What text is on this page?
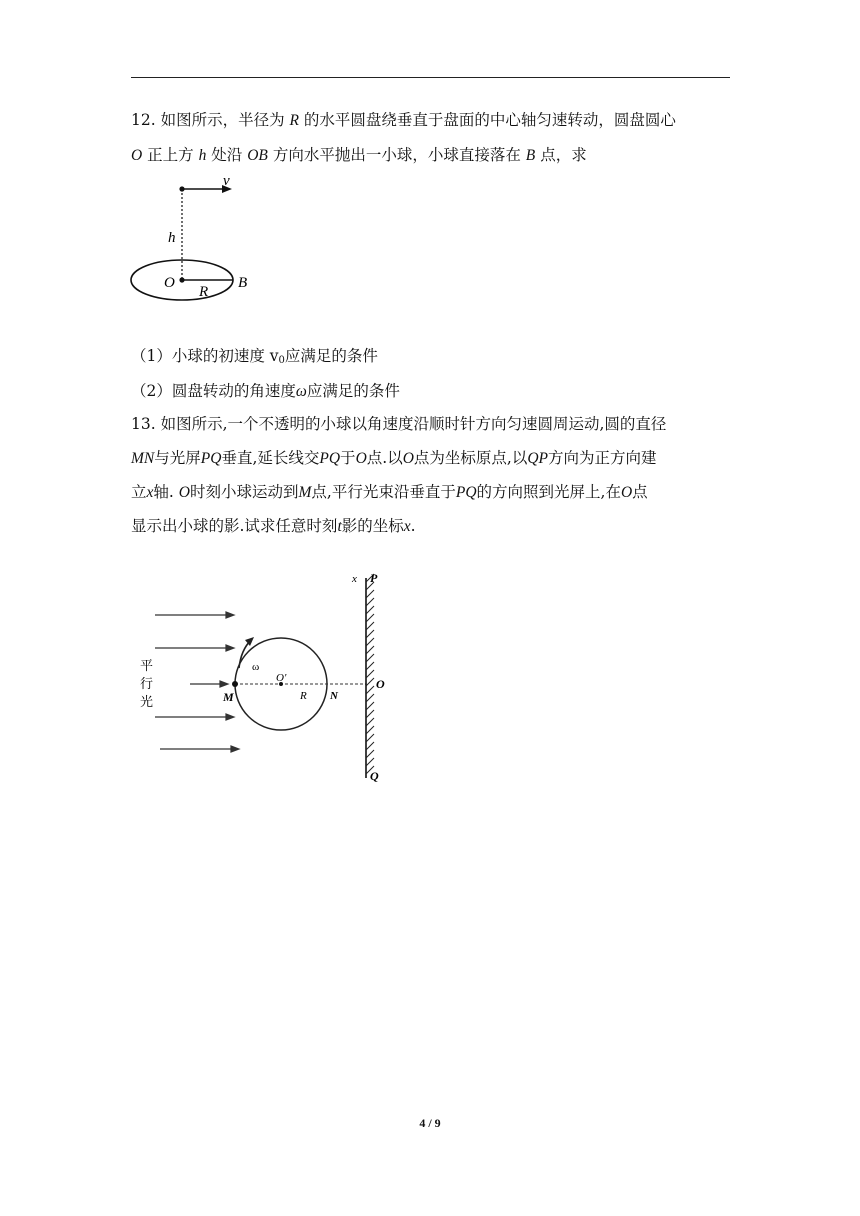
12. 如图所示，半径为 R 的水平圆盘绕垂直于盘面的中心轴匀速转动，圆盘圆心
O 正上方 h 处沿 OB 方向水平抛出一小球，小球直接落在 B 点，求
v
h
O
R
B
（1）小球的初速度 $v_0$应满足的条件
（2）圆盘转动的角速度ω应满足的条件
13. 如图所示,一个不透明的小球以角速度沿顺时针方向匀速圆周运动,圆的直径
MN与光屏PQ垂直,延长线交PQ于O点.以O点为坐标原点,以QP方向为正方向建
立x轴. O时刻小球运动到M点,平行光束沿垂直于PQ的方向照到光屏上,在O点
显示出小球的影.试求任意时刻t影的坐标x.
平
行
光	M
ω
O'
R N
x P
O
Q
4 / 9
